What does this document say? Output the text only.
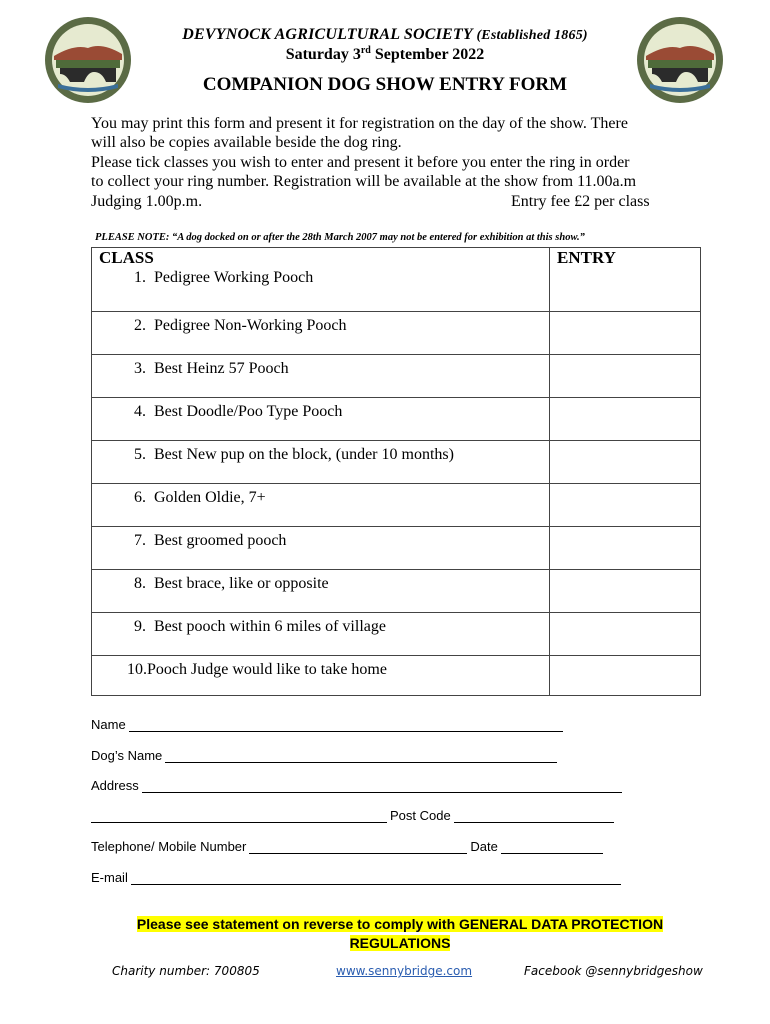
DEVYNOCK AGRICULTURAL SOCIETY (Established 1865)
Saturday 3rd September 2022
COMPANION DOG SHOW ENTRY FORM
You may print this form and present it for registration on the day of the show. There
will also be copies available beside the dog ring.
Please tick classes you wish to enter and present it before you enter the ring in order
to collect your ring number. Registration will be available at the show from 11.00a.m
Judging 1.00p.m.	Entry fee £2 per class
PLEASE NOTE: “A dog docked on or after the 28th March 2007 may not be entered for exhibition at this show.”
CLASS	ENTRY
1. Pedigree Working Pooch	
2. Pedigree Non-Working Pooch	
3. Best Heinz 57 Pooch	
4. Best Doodle/Poo Type Pooch	
5. Best New pup on the block, (under 10 months)	
6. Golden Oldie, 7+	
7. Best groomed pooch	
8. Best brace, like or opposite	
9. Best pooch within 6 miles of village	
10.Pooch Judge would like to take home	
Name
Dog’s Name
Address
Post Code
Telephone/ Mobile Number	Date
E-mail
Please see statement on reverse to comply with GENERAL DATA PROTECTION
REGULATIONS
Charity number: 700805	www.sennybridge.com	Facebook @sennybridgeshow
